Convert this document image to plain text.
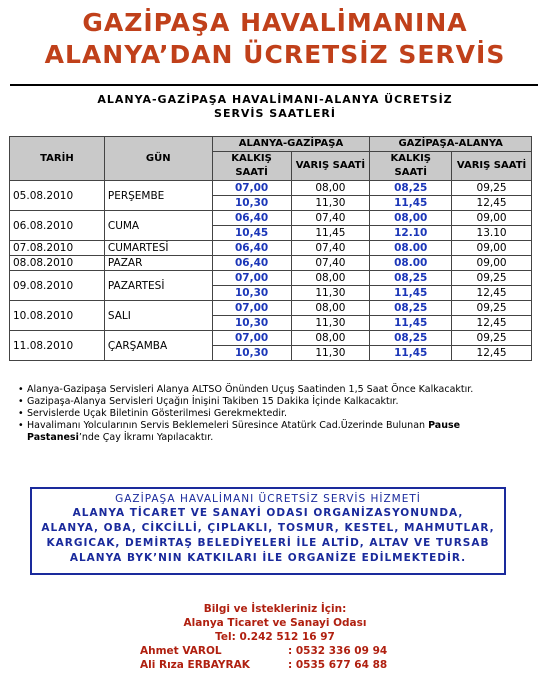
GAZİPAŞA HAVALİMANINA
ALANYA’DAN ÜCRETSİZ SERVİS
ALANYA-GAZİPAŞA HAVALİMANI-ALANYA ÜCRETSİZ
SERVİS SAATLERİ
TARİH	GÜN	ALANYA-GAZİPAŞA		GAZİPAŞA-ALANYA	
		KALKIŞ SAATİ	VARIŞ SAATİ	KALKIŞ SAATİ	VARIŞ SAATİ
05.08.2010	PERŞEMBE	07,00	08,00	08,25	09,25
		10,30	11,30	11,45	12,45
06.08.2010	CUMA	06,40	07,40	08,00	09,00
		10,45	11,45	12.10	13.10
07.08.2010	CUMARTESİ	06,40	07,40	08.00	09,00
08.08.2010	PAZAR	06,40	07,40	08.00	09,00
09.08.2010	PAZARTESİ	07,00	08,00	08,25	09,25
		10,30	11,30	11,45	12,45
10.08.2010	SALI	07,00	08,00	08,25	09,25
		10,30	11,30	11,45	12,45
11.08.2010	ÇARŞAMBA	07,00	08,00	08,25	09,25
		10,30	11,30	11,45	12,45
• Alanya-Gazipaşa Servisleri Alanya ALTSO Önünden Uçuş Saatinden 1,5 Saat Önce Kalkacaktır.
• Gazipaşa-Alanya Servisleri Uçağın İnişini Takiben 15 Dakika İçinde Kalkacaktır.
• Servislerde Uçak Biletinin Gösterilmesi Gerekmektedir.
• Havalimanı Yolcularının Servis Beklemeleri Süresince Atatürk Cad.Üzerinde Bulunan Pause Pastanesi’nde Çay İkramı Yapılacaktır.
GAZİPAŞA HAVALİMANI ÜCRETSİZ SERVİS HİZMETİ
ALANYA TİCARET VE SANAYİ ODASI ORGANİZASYONUNDA,
ALANYA, OBA, CİKCİLLİ, ÇIPLAKLI, TOSMUR, KESTEL, MAHMUTLAR,
KARGICAK, DEMİRTAŞ BELEDİYELERİ İLE ALTİD, ALTAV VE TURSAB
ALANYA BYK’NIN KATKILARI İLE ORGANİZE EDİLMEKTEDİR.
Bilgi ve İstekleriniz İçin:
Alanya Ticaret ve Sanayi Odası
Tel: 0.242 512 16 97
Ahmet VAROL	: 0532 336 09 94
Ali Rıza ERBAYRAK	: 0535 677 64 88
